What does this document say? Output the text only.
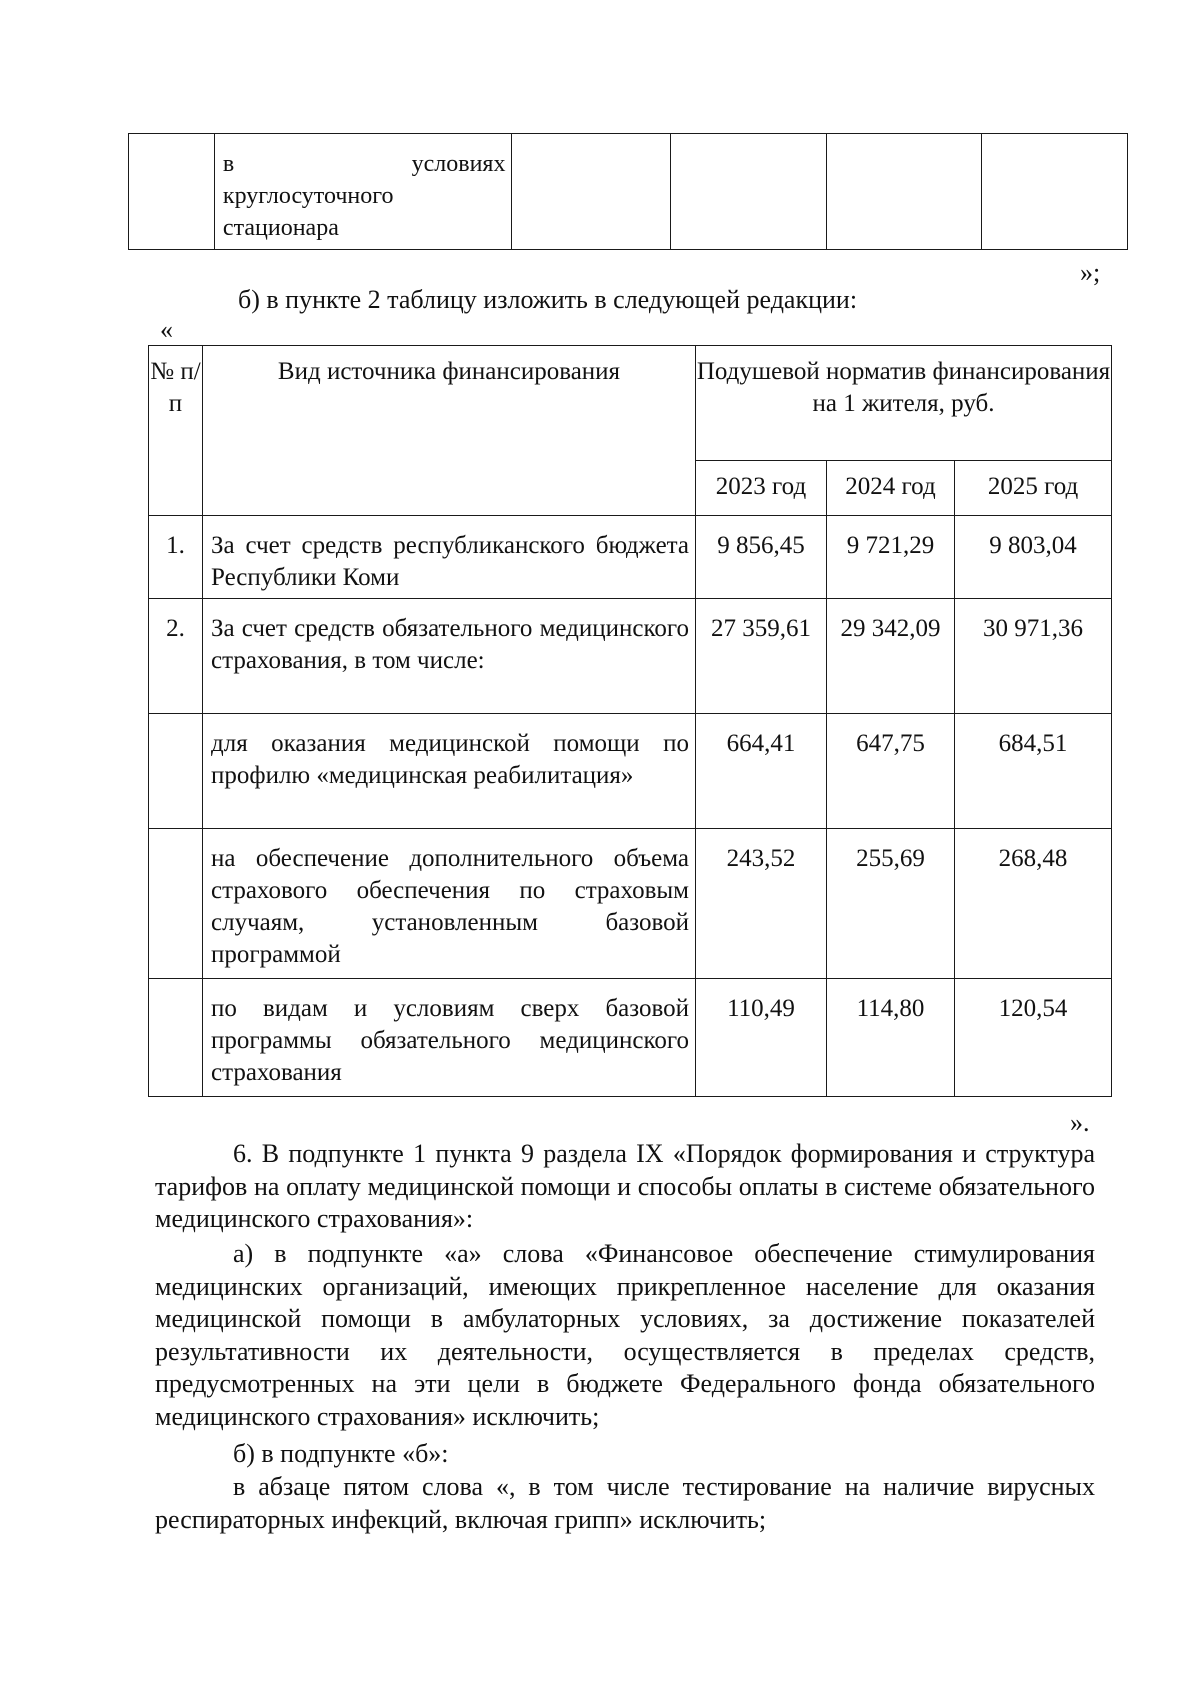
в условиях круглосуточного стационара

»;
б) в пункте 2 таблицу изложить в следующей редакции:
«
№ п/п	Вид источника финансирования	Подушевой норматив финансирования на 1 жителя, руб.		
		2023 год	2024 год	2025 год
1.	За счет средств республиканского бюджета Республики Коми	9 856,45	9 721,29	9 803,04
2.	За счет средств обязательного медицинского страхования, в том числе:	27 359,61	29 342,09	30 971,36
	для оказания медицинской помощи по профилю «медицинская реабилитация»	664,41	647,75	684,51
	на обеспечение дополнительного объема страхового обеспечения по страховым случаям, установленным базовой программой	243,52	255,69	268,48
	по видам и условиям сверх базовой программы обязательного медицинского страхования	110,49	114,80	120,54
».
6. В подпункте 1 пункта 9 раздела IX «Порядок формирования и структура тарифов на оплату медицинской помощи и способы оплаты в системе обязательного медицинского страхования»:
а) в подпункте «а» слова «Финансовое обеспечение стимулирования медицинских организаций, имеющих прикрепленное население для оказания медицинской помощи в амбулаторных условиях, за достижение показателей результативности их деятельности, осуществляется в пределах средств, предусмотренных на эти цели в бюджете Федерального фонда обязательного медицинского страхования» исключить;
б) в подпункте «б»:
в абзаце пятом слова «, в том числе тестирование на наличие вирусных респираторных инфекций, включая грипп» исключить;
